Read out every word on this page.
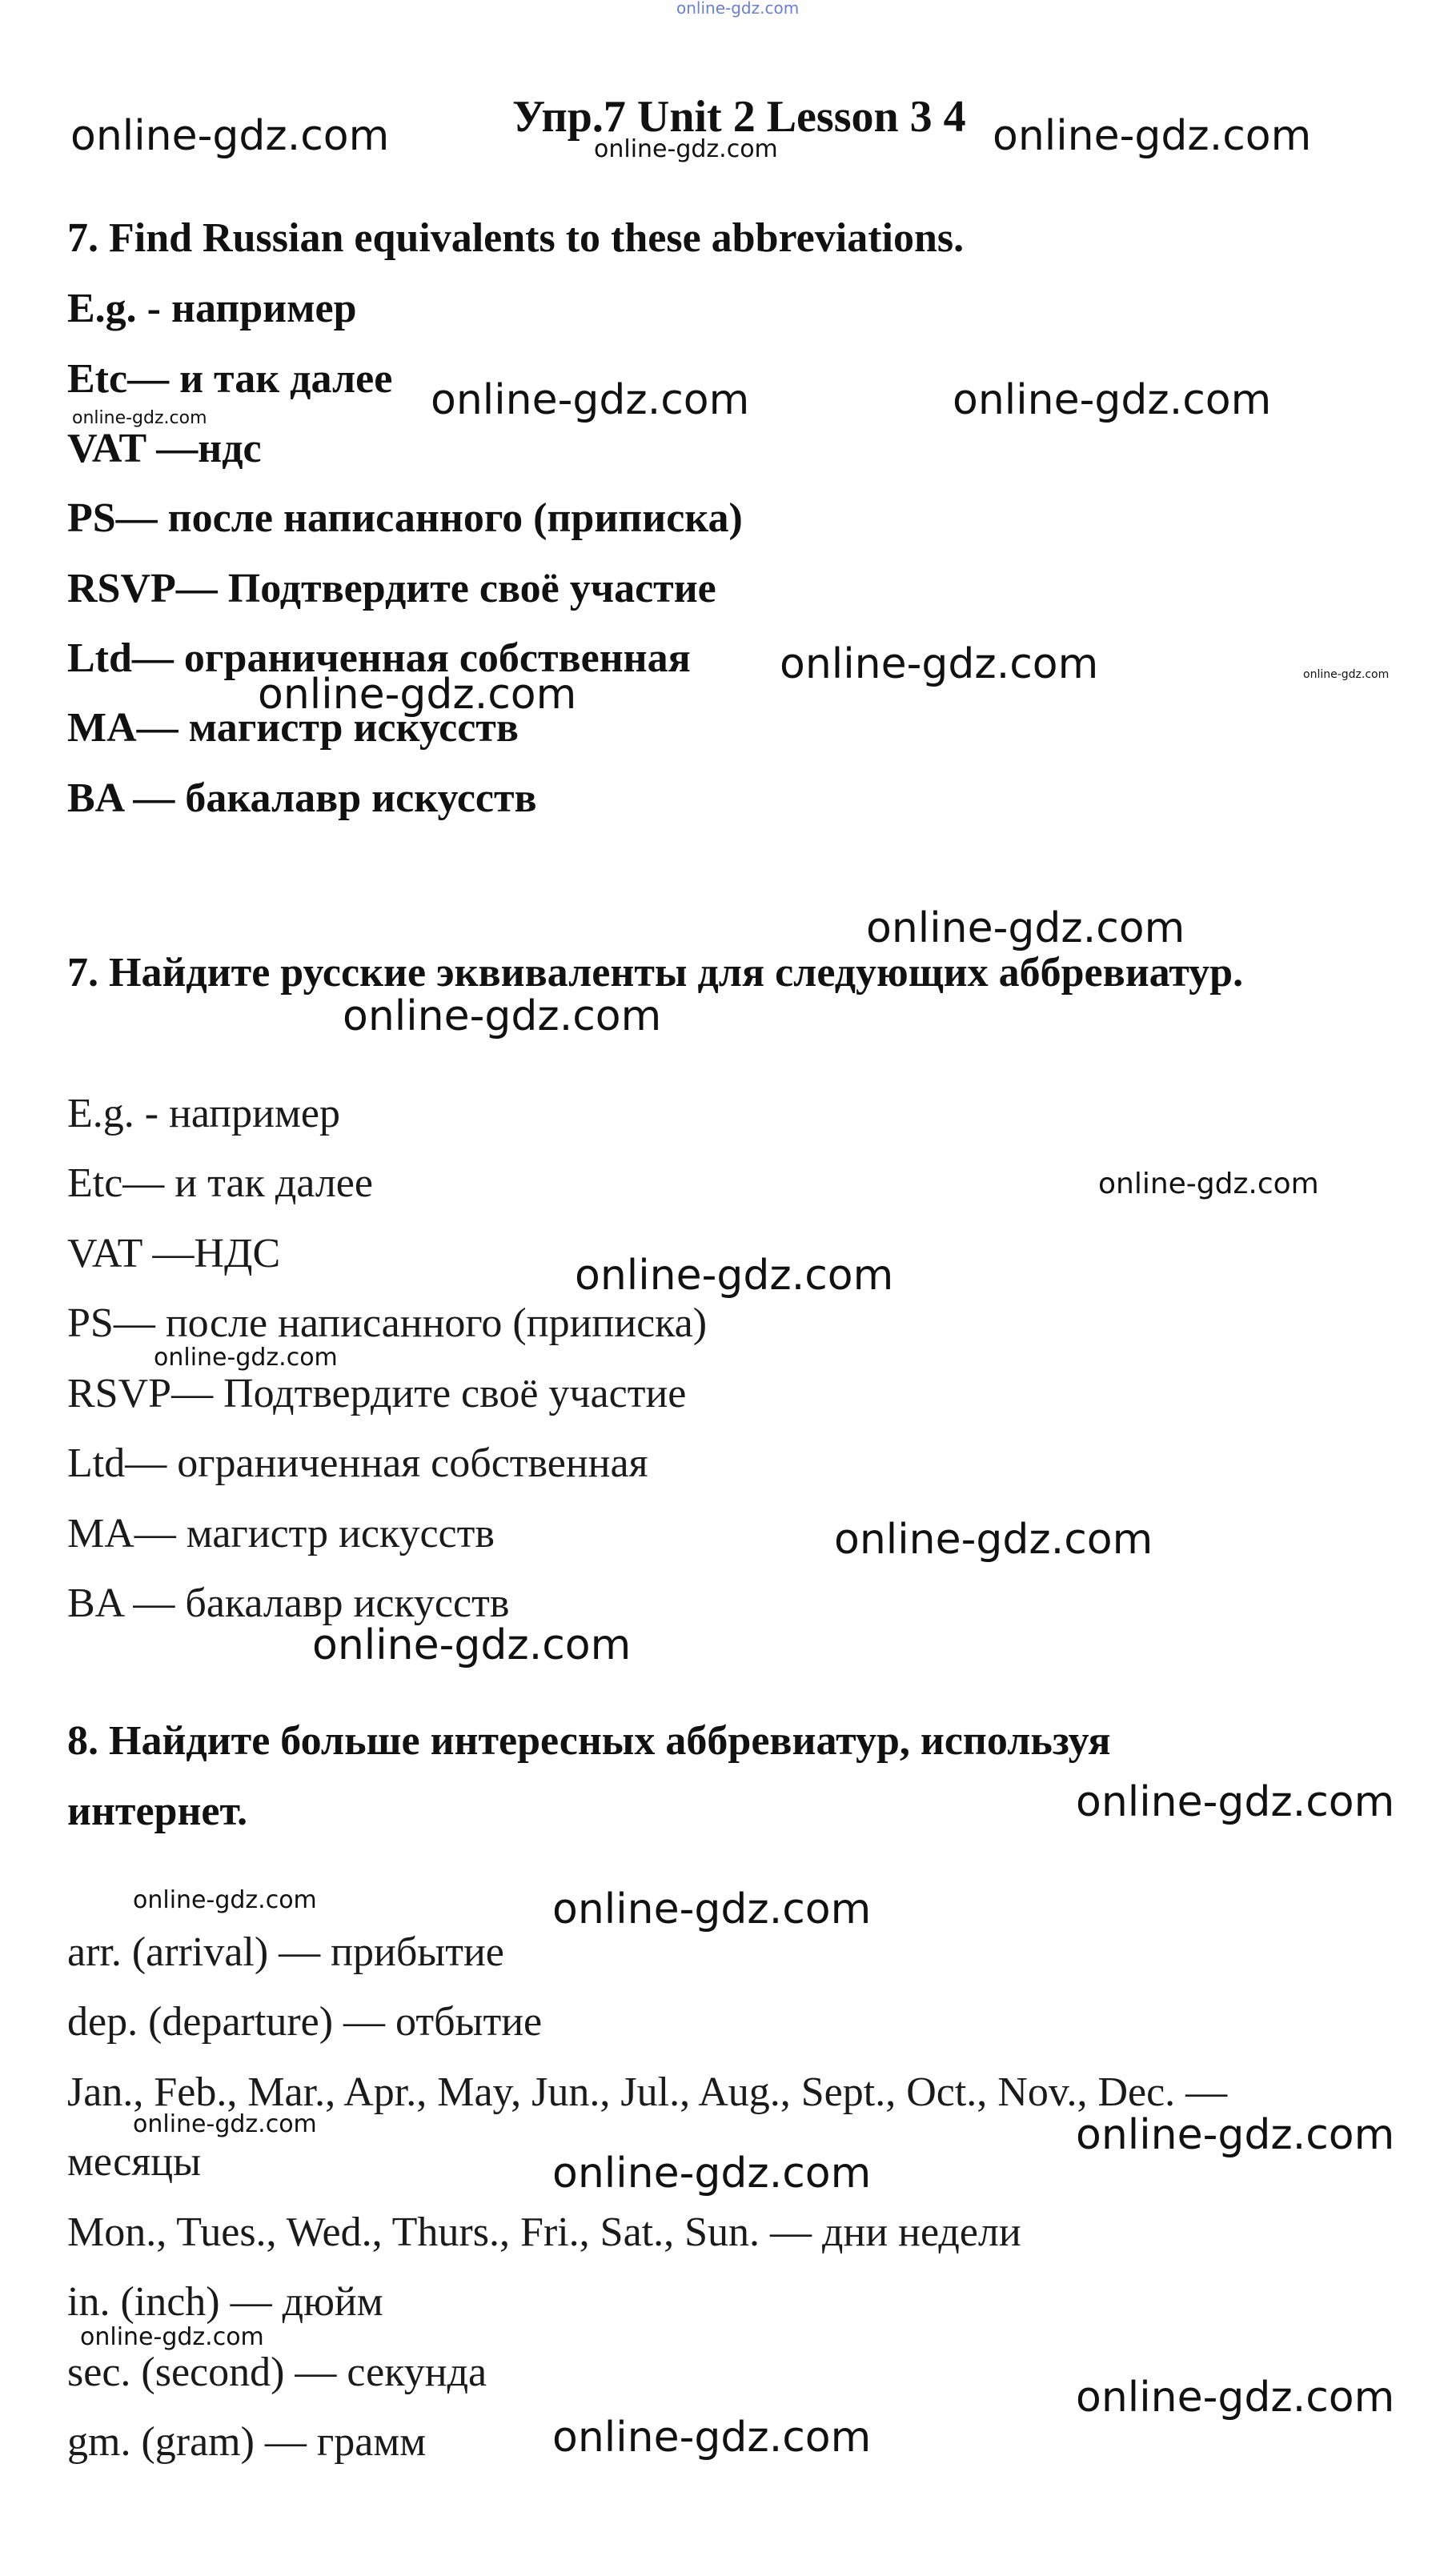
online-gdz.com
Упр.7 Unit 2 Lesson 3 4
online-gdz.com	online-gdz.com
online-gdz.com
7. Find Russian equivalents to these abbreviations.
E.g. - например
Etc— и так далее
VAT —ндс
PS— после написанного (приписка)
RSVP— Подтвердите своё участие
Ltd— ограниченная собственная
MA— магистр искусств
BA — бакалавр искусств
online-gdz.com	online-gdz.com	online-gdz.com
online-gdz.com	online-gdz.com
online-gdz.com
online-gdz.com
7. Найдите русские эквиваленты для следующих аббревиатур.
online-gdz.com
E.g. - например
Etc— и так далее
VAT —НДС
PS— после написанного (приписка)
RSVP— Подтвердите своё участие
Ltd— ограниченная собственная
MA— магистр искусств
BA — бакалавр искусств
online-gdz.com
online-gdz.com
online-gdz.com
online-gdz.com
online-gdz.com
8. Найдите больше интересных аббревиатур, используя
интернет.	online-gdz.com
online-gdz.com	online-gdz.com
arr. (arrival) — прибытие
dep. (departure) — отбытие
Jan., Feb., Mar., Apr., May, Jun., Jul., Aug., Sept., Oct., Nov., Dec. —
месяцы
Mon., Tues., Wed., Thurs., Fri., Sat., Sun. — дни недели
in. (inch) — дюйм
sec. (second) — секунда
gm. (gram) — грамм
online-gdz.com	online-gdz.com
online-gdz.com
online-gdz.com
online-gdz.com
online-gdz.com
